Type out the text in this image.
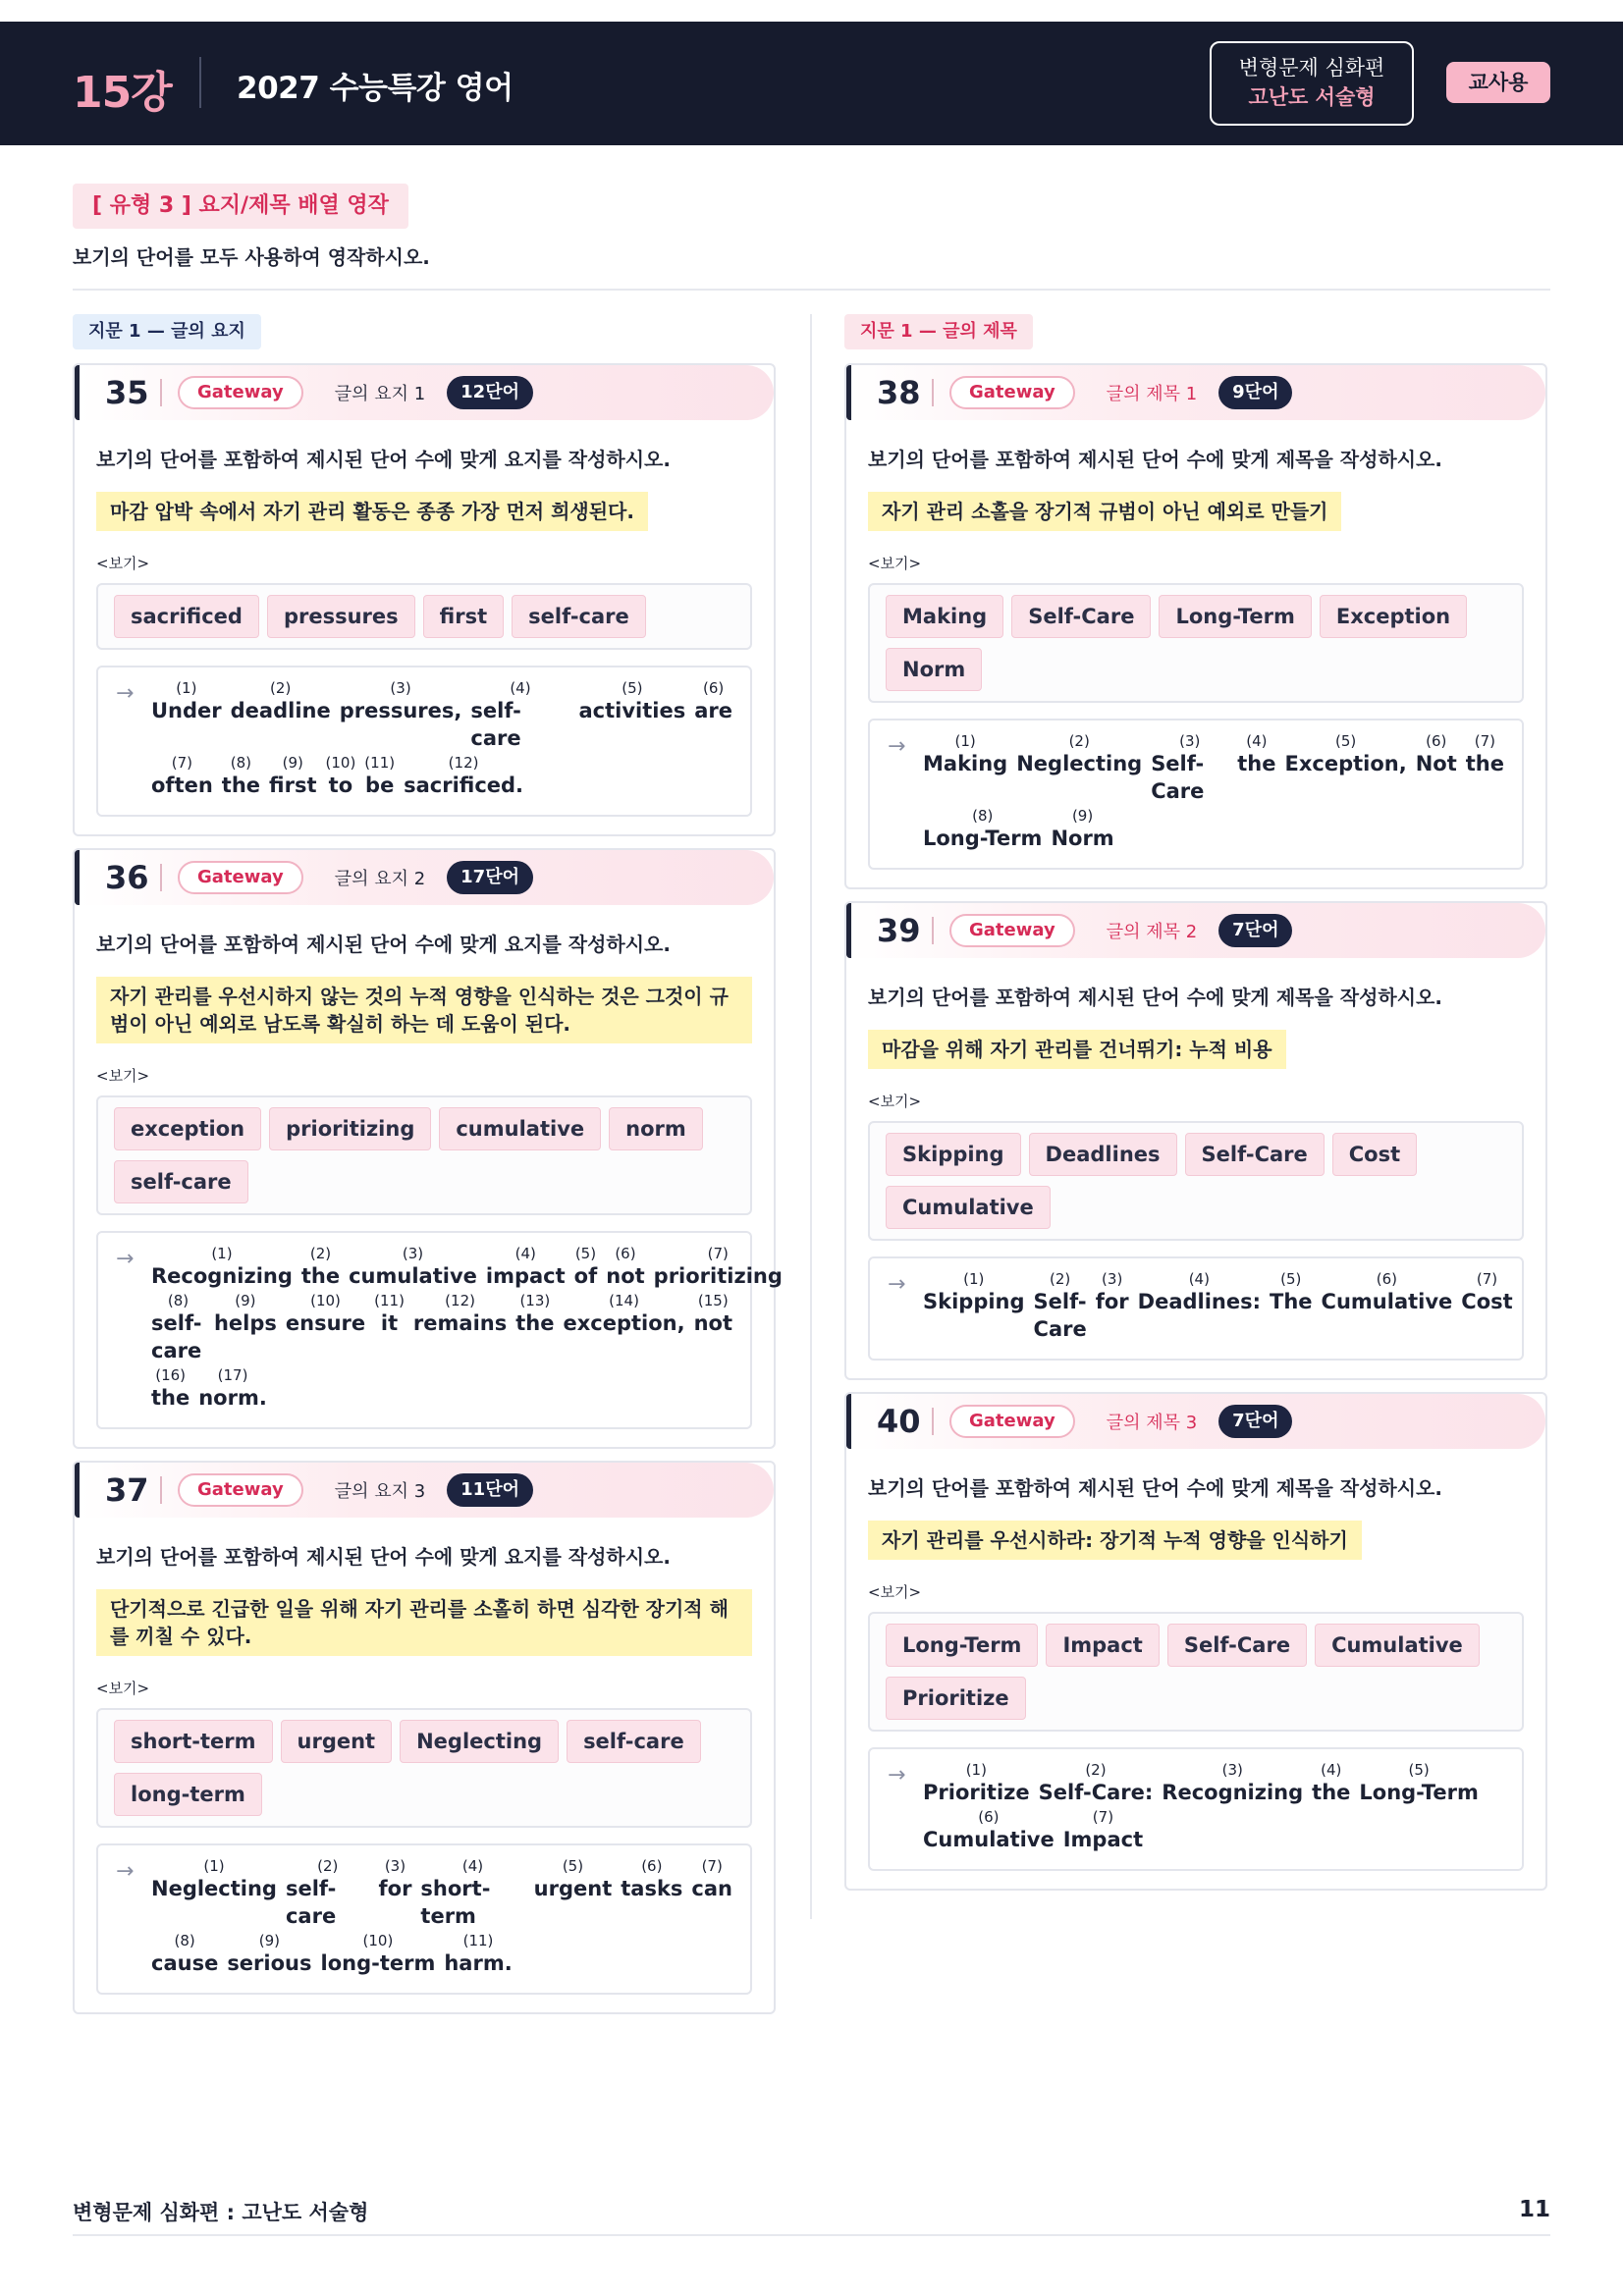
15강 2027 수능특강 영어
변형문제 심화편
고난도 서술형
교사용
[ 유형 3 ] 요지/제목 배열 영작
보기의 단어를 모두 사용하여 영작하시오.
지문 1 — 글의 요지
35	Gateway	글의 요지 1	12단어
보기의 단어를 포함하여 제시된 단어 수에 맞게 요지를 작성하시오.
마감 압박 속에서 자기 관리 활동은 종종 가장 먼저 희생된다.
<보기>
sacrificed	pressures	first	self-care
→	(1)
Under
(2)
deadline
(3)
pressures,
(4)
self-care
(5)
activities
(6)
are
(7)
often
(8)
the
(9)
first
(10)
to
(11)
be
(12)
sacrificed.
36	Gateway	글의 요지 2	17단어
보기의 단어를 포함하여 제시된 단어 수에 맞게 요지를 작성하시오.
자기 관리를 우선시하지 않는 것의 누적 영향을 인식하는 것은 그것이 규범이 아닌 예외로 남도록 확실히 하는 데 도움이 된다.
<보기>
exception	prioritizing	cumulative	norm
self-care
→	(1)
Recognizing
(2)
the
(3)
cumulative
(4)
impact
(5)
of
(6)
not
(7)
prioritizing
(8)
self-care
(9)
helps
(10)
ensure
(11)
it
(12)
remains
(13)
the
(14)
exception,
(15)
not
(16)
the
(17)
norm.
37	Gateway	글의 요지 3	11단어
보기의 단어를 포함하여 제시된 단어 수에 맞게 요지를 작성하시오.
단기적으로 긴급한 일을 위해 자기 관리를 소홀히 하면 심각한 장기적 해를 끼칠 수 있다.
<보기>
short-term	urgent	Neglecting	self-care
long-term
→	(1)
Neglecting
(2)
self-care
(3)
for
(4)
short-term
(5)
urgent
(6)
tasks
(7)
can
(8)
cause
(9)
serious
(10)
long-term
(11)
harm.
지문 1 — 글의 제목
38	Gateway	글의 제목 1	9단어
보기의 단어를 포함하여 제시된 단어 수에 맞게 제목을 작성하시오.
자기 관리 소홀을 장기적 규범이 아닌 예외로 만들기
<보기>
Making	Self-Care	Long-Term	Exception
Norm
→	(1)
Making
(2)
Neglecting
(3)
Self-Care
(4)
the
(5)
Exception,
(6)
Not
(7)
the
(8)
Long-Term
(9)
Norm
39	Gateway	글의 제목 2	7단어
보기의 단어를 포함하여 제시된 단어 수에 맞게 제목을 작성하시오.
마감을 위해 자기 관리를 건너뛰기: 누적 비용
<보기>
Skipping	Deadlines	Self-Care	Cost
Cumulative
→	(1)
Skipping
(2)
Self-Care
(3)
for
(4)
Deadlines:
(5)
The
(6)
Cumulative
(7)
Cost
40	Gateway	글의 제목 3	7단어
보기의 단어를 포함하여 제시된 단어 수에 맞게 제목을 작성하시오.
자기 관리를 우선시하라: 장기적 누적 영향을 인식하기
<보기>
Long-Term	Impact	Self-Care	Cumulative
Prioritize
→	(1)
Prioritize
(2)
Self-Care:
(3)
Recognizing
(4)
the
(5)
Long-Term
(6)
Cumulative
(7)
Impact
변형문제 심화편 : 고난도 서술형	11
